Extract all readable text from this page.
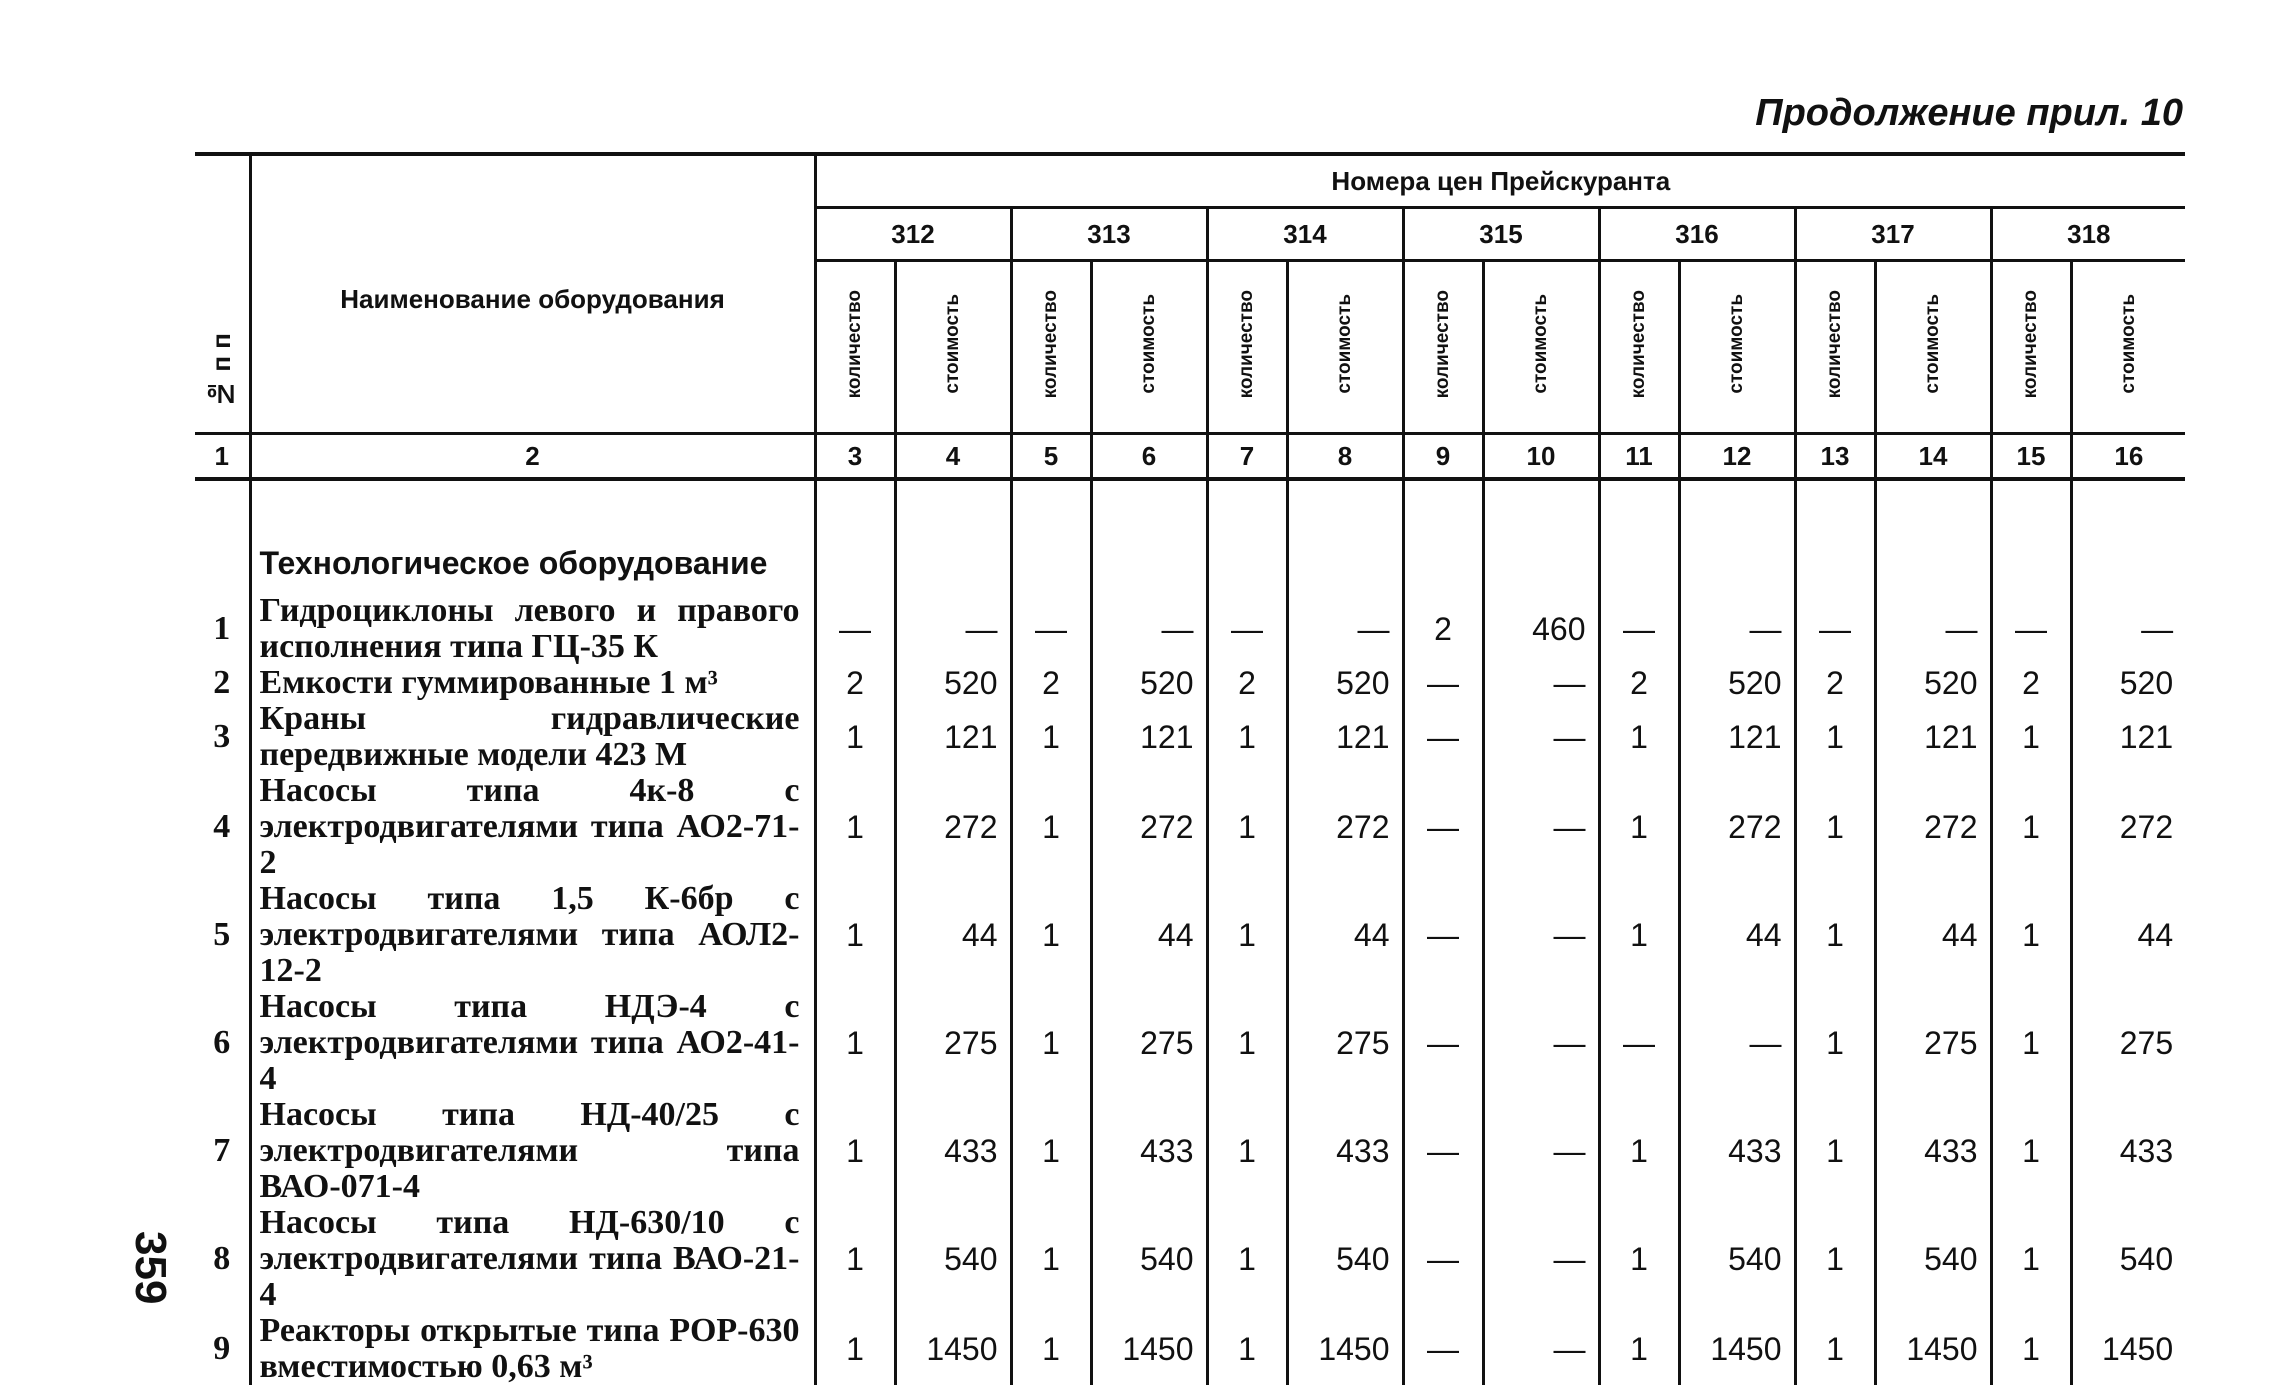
Продолжение прил. 10
359
№ п п	Наименование оборудования	Номера цен Прейскуранта													
		312		313		314		315		316		317		318	
		количество	стоимость	количество	стоимость	количество	стоимость	количество	стоимость	количество	стоимость	количество	стоимость	количество	стоимость
1	2	3	4	5	6	7	8	9	10	11	12	13	14	15	16
	Технологическое оборудование														
1	Гидроциклоны левого и правого исполнения типа ГЦ-35 К	—	—	—	—	—	—	2	460	—	—	—	—	—	—
2	Емкости гуммированные 1 м³	2	520	2	520	2	520	—	—	2	520	2	520	2	520
3	Краны гидравлические передвижные модели 423 М	1	121	1	121	1	121	—	—	1	121	1	121	1	121
4	Насосы типа 4к-8 с электродвигателями типа АО2-71-2	1	272	1	272	1	272	—	—	1	272	1	272	1	272
5	Насосы типа 1,5 К-6бр с электродвигателями типа АОЛ2-12-2	1	44	1	44	1	44	—	—	1	44	1	44	1	44
6	Насосы типа НДЭ-4 с электродвигателями типа АО2-41-4	1	275	1	275	1	275	—	—	—	—	1	275	1	275
7	Насосы типа НД-40/25 с электродвигателями типа ВАО-071-4	1	433	1	433	1	433	—	—	1	433	1	433	1	433
8	Насосы типа НД-630/10 с электродвигателями типа ВАО-21-4	1	540	1	540	1	540	—	—	1	540	1	540	1	540
9	Реакторы открытые типа РОР-630 вместимостью 0,63 м³	1	1450	1	1450	1	1450	—	—	1	1450	1	1450	1	1450
